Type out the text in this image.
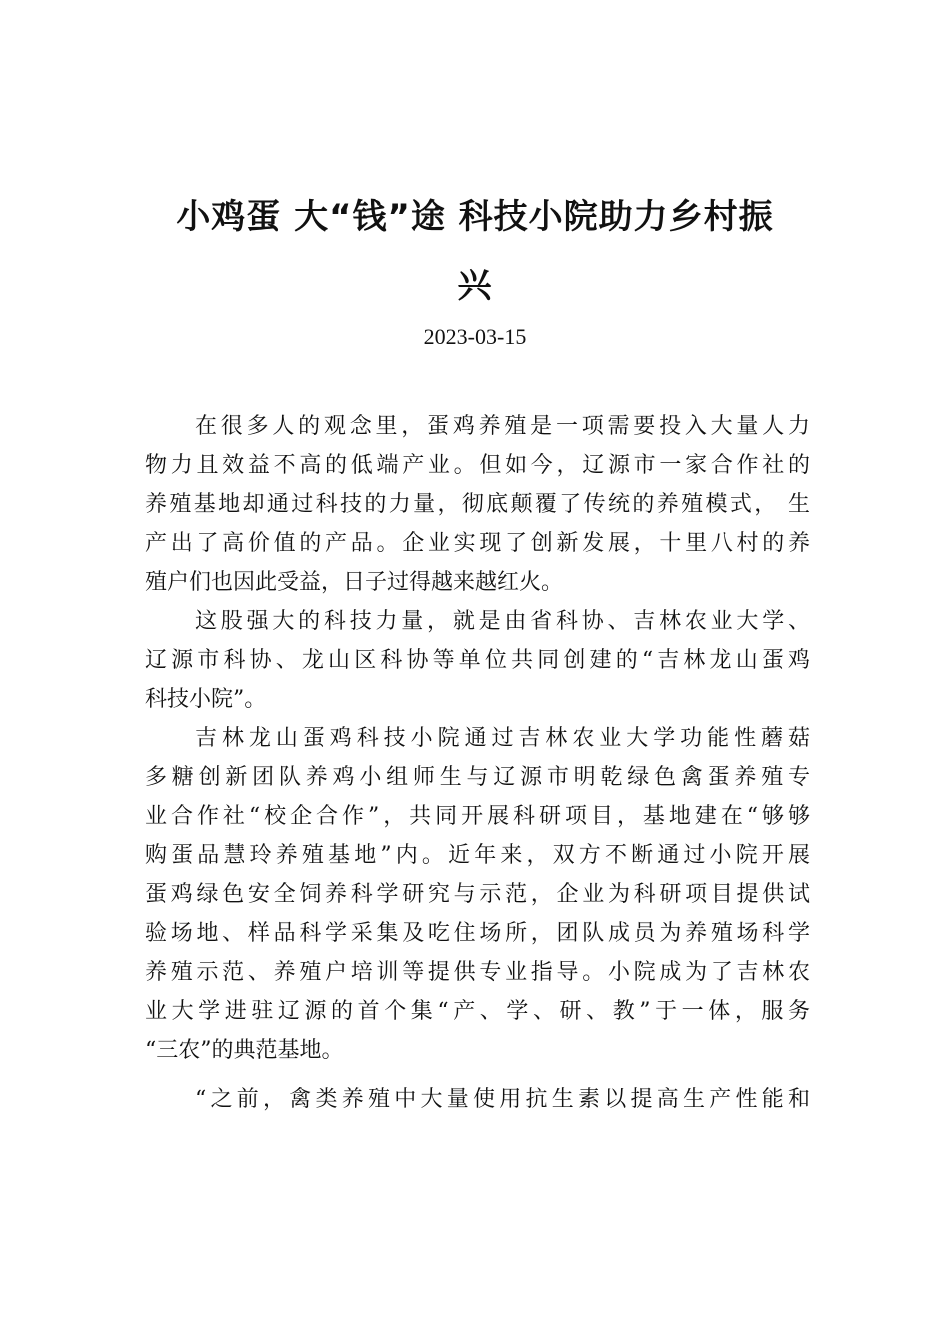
小鸡蛋 大“钱”途 科技小院助力乡村振
兴
2023-03-15
在很多人的观念里，蛋鸡养殖是一项需要投入大量人力
物力且效益不高的低端产业。但如今，辽源市一家合作社的
养殖基地却通过科技的力量，彻底颠覆了传统的养殖模式， 生
产出了高价值的产品。企业实现了创新发展，十里八村的养
殖户们也因此受益，日子过得越来越红火。
这股强大的科技力量，就是由省科协、吉林农业大学、
辽源市科协、龙山区科协等单位共同创建的“吉林龙山蛋鸡
科技小院”。
吉林龙山蛋鸡科技小院通过吉林农业大学功能性蘑菇
多糖创新团队养鸡小组师生与辽源市明乾绿色禽蛋养殖专
业合作社“校企合作”，共同开展科研项目，基地建在“够够
购蛋品慧玲养殖基地”内。近年来，双方不断通过小院开展
蛋鸡绿色安全饲养科学研究与示范，企业为科研项目提供试
验场地、样品科学采集及吃住场所，团队成员为养殖场科学
养殖示范、养殖户培训等提供专业指导。小院成为了吉林农
业大学进驻辽源的首个集“产、学、研、教”于一体，服务
“三农”的典范基地。
“之前，禽类养殖中大量使用抗生素以提高生产性能和
